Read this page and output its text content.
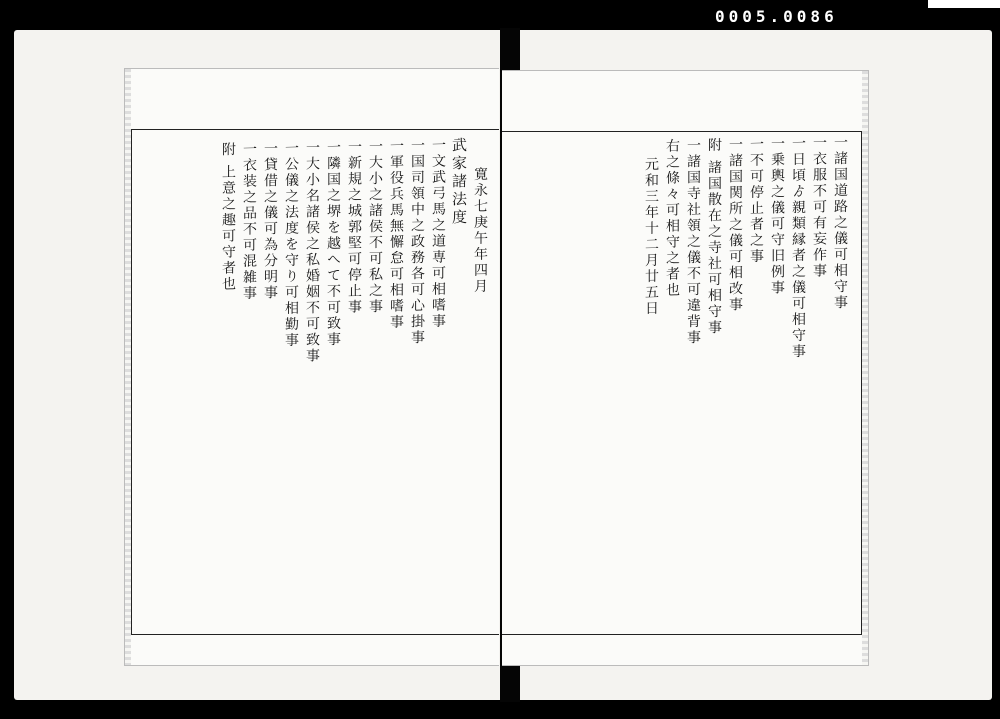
0005.0086
寛永七庚午年四月
武家諸法度
一文武弓馬之道専可相嗜事
一国司領中之政務各可心掛事
一軍役兵馬無懈怠可相嗜事
一大小之諸侯不可私之事
一新規之城郭堅可停止事
一隣国之堺を越へて不可致事
一大小名諸侯之私婚姻不可致事
一公儀之法度を守り可相勤事
一貸借之儀可為分明事
一衣装之品不可混雑事
附 上意之趣可守者也	一諸国道路之儀可相守事
一衣服不可有妄作事
一日頃ゟ親類縁者之儀可相守事
一乗輿之儀可守旧例事
一不可停止者之事
一諸国関所之儀可相改事
附 諸国散在之寺社可相守事
一諸国寺社領之儀不可違背事
右之條々可相守之者也
元和三年十二月廿五日
